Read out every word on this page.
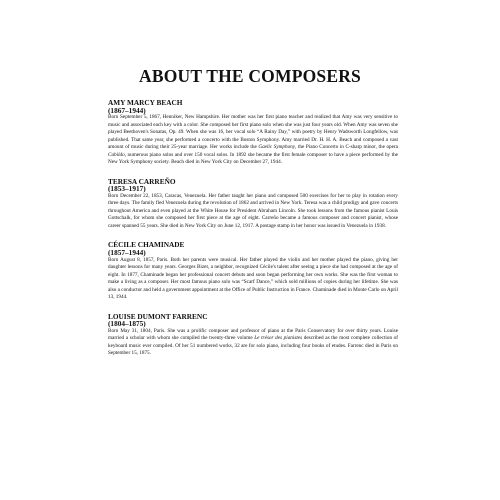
ABOUT THE COMPOSERS

AMY MARCY BEACH

(1867–1944)

Born September 5, 1867, Henniker, New Hampshire. Her mother was her first piano teacher and realized that Amy was very sensitive to music and associated each key with a color. She composed her first piano solo when she was just four years old. When Amy was seven she played Beethoven's Sonatas, Op. 49. When she was 16, her vocal solo “A Rainy Day,” with poetry by Henry Wadsworth Longfellow, was published. That same year, she performed a concerto with the Boston Symphony. Amy married Dr. H. H. A. Beach and composed a vast amount of music during their 25-year marriage. Her works include the Gaelic Symphony, the Piano Concerto in C-sharp minor, the opera Cabildo, numerous piano solos and over 150 vocal solos. In 1892 she became the first female composer to have a piece performed by the New York Symphony society. Beach died in New York City on December 27, 1944.

TERESA CARREÑO

(1853–1917)

Born December 22, 1853, Caracas, Venezuela. Her father taught her piano and composed 500 exercises for her to play in rotation every three days. The family fled Venezuela during the revolution of 1862 and arrived in New York. Teresa was a child prodigy and gave concerts throughout America and even played at the White House for President Abraham Lincoln. She took lessons from the famous pianist Louis Gottschalk, for whom she composed her first piece at the age of eight. Carreño became a famous composer and concert pianist, whose career spanned 55 years. She died in New York City on June 12, 1917. A postage stamp in her honor was issued in Venezuela in 1938.

CÉCILE CHAMINADE

(1857–1944)

Born August 8, 1857, Paris. Both her parents were musical. Her father played the violin and her mother played the piano, giving her daughter lessons for many years. Georges Bizet, a neighbor, recognized Cécile's talent after seeing a piece she had composed at the age of eight. In 1877, Chaminade began her professional concert debuts and soon began performing her own works. She was the first woman to make a living as a composer. Her most famous piano solo was “Scarf Dance,” which sold millions of copies during her lifetime. She was also a conductor and held a government appointment at the Office of Public Instruction in France. Chaminade died in Monte Carlo on April 13, 1944.

LOUISE DUMONT FARRENC

(1804–1875)

Born May 31, 1804, Paris. She was a prolific composer and professor of piano at the Paris Conservatory for over thirty years. Louise married a scholar with whom she compiled the twenty-three volume Le trésor des pianistes described as the most complete collection of keyboard music ever compiled. Of her 51 numbered works, 32 are for solo piano, including four books of etudes. Farrenc died in Paris on September 15, 1875.
